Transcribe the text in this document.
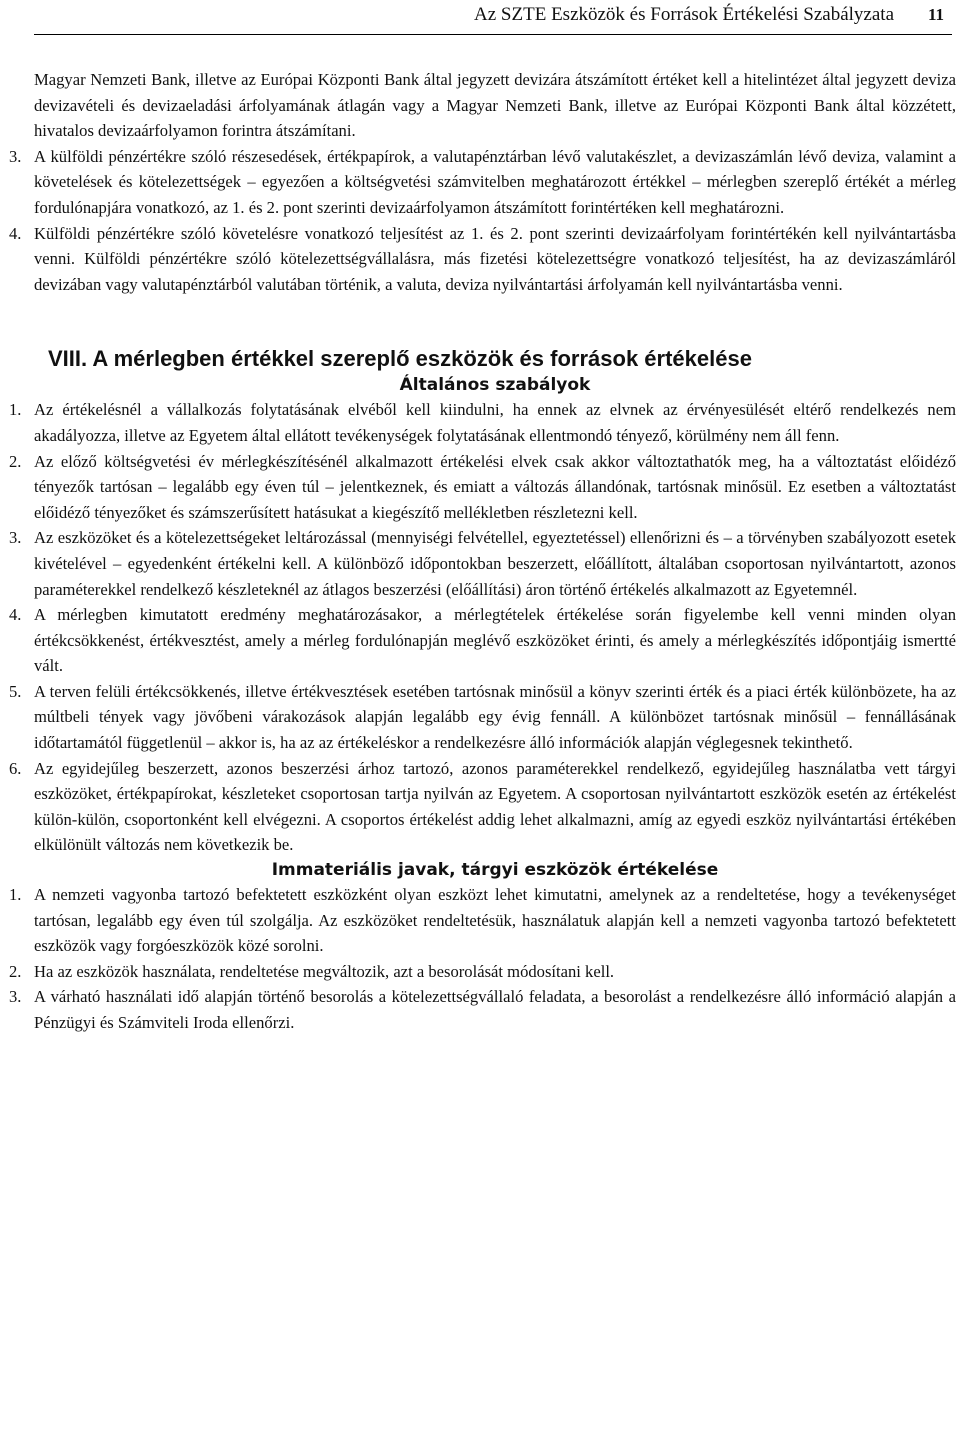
Az SZTE Eszközök és Források Értékelési Szabályzata 11

Magyar Nemzeti Bank, illetve az Európai Központi Bank által jegyzett devizára átszámított értéket kell a hitelintézet által jegyzett deviza devizavételi és devizaeladási árfolyamának átlagán vagy a Magyar Nemzeti Bank, illetve az Európai Központi Bank által közzétett, hivatalos devizaárfolyamon forintra átszámítani.

3. A külföldi pénzértékre szóló részesedések, értékpapírok, a valutapénztárban lévő valutakészlet, a devizaszámlán lévő deviza, valamint a követelések és kötelezettségek – egyezően a költségvetési számvitelben meghatározott értékkel – mérlegben szereplő értékét a mérleg fordulónapjára vonatkozó, az 1. és 2. pont szerinti devizaárfolyamon átszámított forintértéken kell meghatározni.
4. Külföldi pénzértékre szóló követelésre vonatkozó teljesítést az 1. és 2. pont szerinti devizaárfolyam forintértékén kell nyilvántartásba venni. Külföldi pénzértékre szóló kötelezettségvállalásra, más fizetési kötelezettségre vonatkozó teljesítést, ha az devizaszámláról devizában vagy valutapénztárból valutában történik, a valuta, deviza nyilvántartási árfolyamán kell nyilvántartásba venni.
VIII. A mérlegben értékkel szereplő eszközök és források értékelése
Általános szabályok
1. Az értékelésnél a vállalkozás folytatásának elvéből kell kiindulni, ha ennek az elvnek az érvényesülését eltérő rendelkezés nem akadályozza, illetve az Egyetem által ellátott tevékenységek folytatásának ellentmondó tényező, körülmény nem áll fenn.
2. Az előző költségvetési év mérlegkészítésénél alkalmazott értékelési elvek csak akkor változtathatók meg, ha a változtatást előidéző tényezők tartósan – legalább egy éven túl – jelentkeznek, és emiatt a változás állandónak, tartósnak minősül. Ez esetben a változtatást előidéző tényezőket és számszerűsített hatásukat a kiegészítő mellékletben részletezni kell.
3. Az eszközöket és a kötelezettségeket leltározással (mennyiségi felvétellel, egyeztetéssel) ellenőrizni és – a törvényben szabályozott esetek kivételével – egyedenként értékelni kell. A különböző időpontokban beszerzett, előállított, általában csoportosan nyilvántartott, azonos paraméterekkel rendelkező készleteknél az átlagos beszerzési (előállítási) áron történő értékelés alkalmazott az Egyetemnél.
4. A mérlegben kimutatott eredmény meghatározásakor, a mérlegtételek értékelése során figyelembe kell venni minden olyan értékcsökkenést, értékvesztést, amely a mérleg fordulónapján meglévő eszközöket érinti, és amely a mérlegkészítés időpontjáig ismertté vált.
5. A terven felüli értékcsökkenés, illetve értékvesztések esetében tartósnak minősül a könyv szerinti érték és a piaci érték különbözete, ha az múltbeli tények vagy jövőbeni várakozások alapján legalább egy évig fennáll. A különbözet tartósnak minősül – fennállásának időtartamától függetlenül – akkor is, ha az az értékeléskor a rendelkezésre álló információk alapján véglegesnek tekinthető.
6. Az egyidejűleg beszerzett, azonos beszerzési árhoz tartozó, azonos paraméterekkel rendelkező, egyidejűleg használatba vett tárgyi eszközöket, értékpapírokat, készleteket csoportosan tartja nyilván az Egyetem. A csoportosan nyilvántartott eszközök esetén az értékelést külön-külön, csoportonként kell elvégezni. A csoportos értékelést addig lehet alkalmazni, amíg az egyedi eszköz nyilvántartási értékében elkülönült változás nem következik be.
Immateriális javak, tárgyi eszközök értékelése
1. A nemzeti vagyonba tartozó befektetett eszközként olyan eszközt lehet kimutatni, amelynek az a rendeltetése, hogy a tevékenységet tartósan, legalább egy éven túl szolgálja. Az eszközöket rendeltetésük, használatuk alapján kell a nemzeti vagyonba tartozó befektetett eszközök vagy forgóeszközök közé sorolni.
2. Ha az eszközök használata, rendeltetése megváltozik, azt a besorolását módosítani kell.
3. A várható használati idő alapján történő besorolás a kötelezettségvállaló feladata, a besorolást a rendelkezésre álló információ alapján a Pénzügyi és Számviteli Iroda ellenőrzi.
